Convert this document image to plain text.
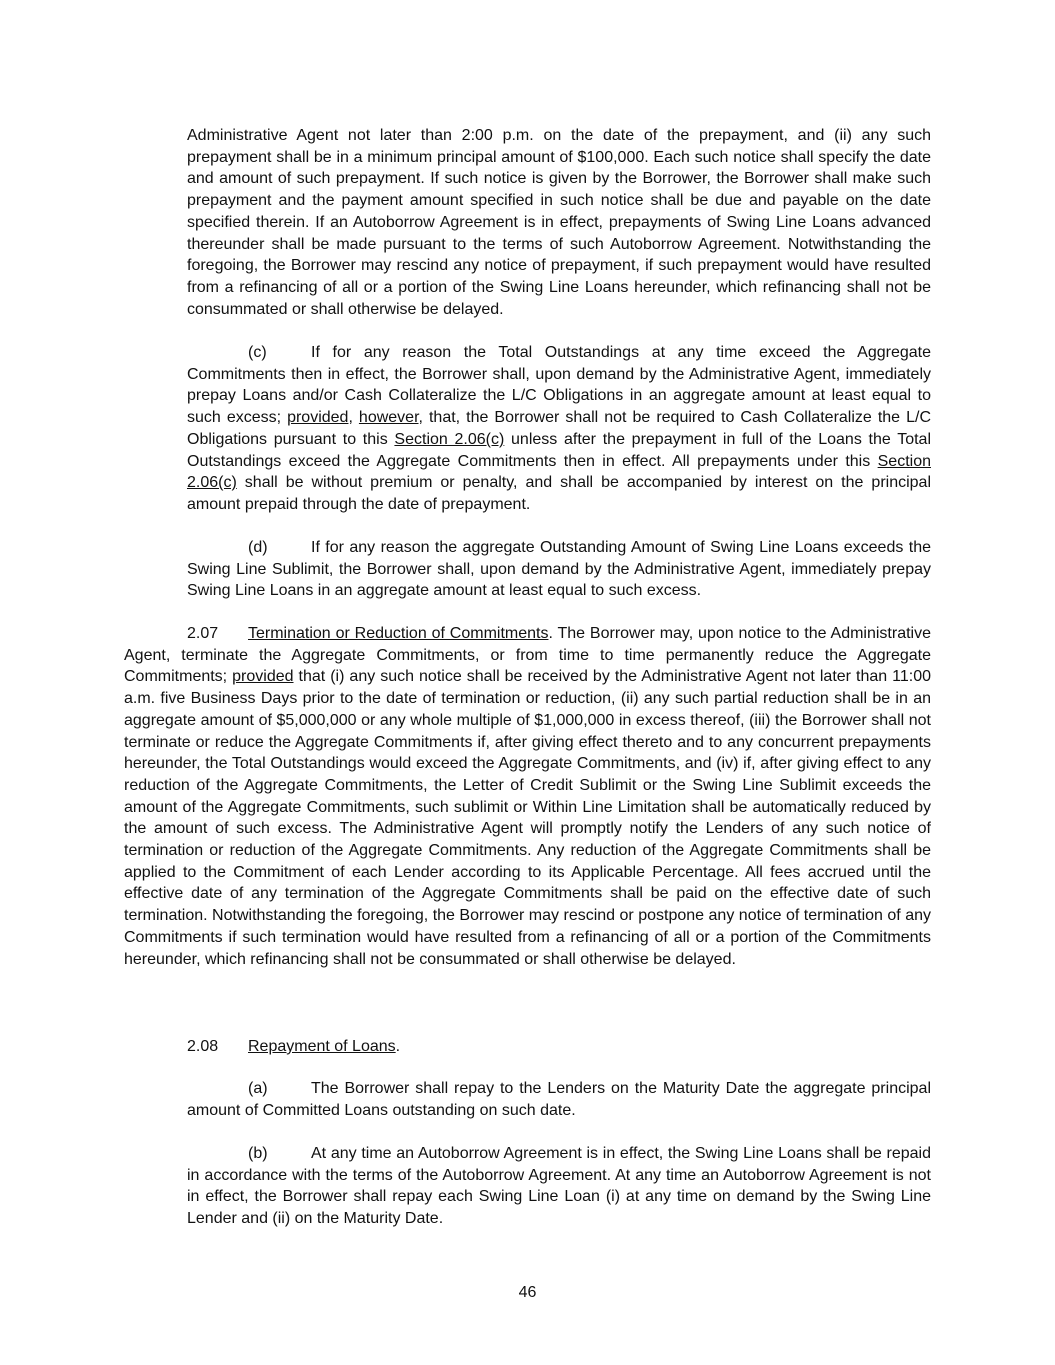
Administrative Agent not later than 2:00 p.m. on the date of the prepayment, and (ii) any such prepayment shall be in a minimum principal amount of $100,000. Each such notice shall specify the date and amount of such prepayment. If such notice is given by the Borrower, the Borrower shall make such prepayment and the payment amount specified in such notice shall be due and payable on the date specified therein. If an Autoborrow Agreement is in effect, prepayments of Swing Line Loans advanced thereunder shall be made pursuant to the terms of such Autoborrow Agreement. Notwithstanding the foregoing, the Borrower may rescind any notice of prepayment, if such prepayment would have resulted from a refinancing of all or a portion of the Swing Line Loans hereunder, which refinancing shall not be consummated or shall otherwise be delayed.

(c)	If for any reason the Total Outstandings at any time exceed the Aggregate Commitments then in effect, the Borrower shall, upon demand by the Administrative Agent, immediately prepay Loans and/or Cash Collateralize the L/C Obligations in an aggregate amount at least equal to such excess; provided, however, that, the Borrower shall not be required to Cash Collateralize the L/C Obligations pursuant to this Section 2.06(c) unless after the prepayment in full of the Loans the Total Outstandings exceed the Aggregate Commitments then in effect. All prepayments under this Section 2.06(c) shall be without premium or penalty, and shall be accompanied by interest on the principal amount prepaid through the date of prepayment.

(d)	If for any reason the aggregate Outstanding Amount of Swing Line Loans exceeds the Swing Line Sublimit, the Borrower shall, upon demand by the Administrative Agent, immediately prepay Swing Line Loans in an aggregate amount at least equal to such excess.

2.07 Termination or Reduction of Commitments. The Borrower may, upon notice to the Administrative Agent, terminate the Aggregate Commitments, or from time to time permanently reduce the Aggregate Commitments; provided that (i) any such notice shall be received by the Administrative Agent not later than 11:00 a.m. five Business Days prior to the date of termination or reduction, (ii) any such partial reduction shall be in an aggregate amount of $5,000,000 or any whole multiple of $1,000,000 in excess thereof, (iii) the Borrower shall not terminate or reduce the Aggregate Commitments if, after giving effect thereto and to any concurrent prepayments hereunder, the Total Outstandings would exceed the Aggregate Commitments, and (iv) if, after giving effect to any reduction of the Aggregate Commitments, the Letter of Credit Sublimit or the Swing Line Sublimit exceeds the amount of the Aggregate Commitments, such sublimit or Within Line Limitation shall be automatically reduced by the amount of such excess. The Administrative Agent will promptly notify the Lenders of any such notice of termination or reduction of the Aggregate Commitments. Any reduction of the Aggregate Commitments shall be applied to the Commitment of each Lender according to its Applicable Percentage. All fees accrued until the effective date of any termination of the Aggregate Commitments shall be paid on the effective date of such termination. Notwithstanding the foregoing, the Borrower may rescind or postpone any notice of termination of any Commitments if such termination would have resulted from a refinancing of all or a portion of the Commitments hereunder, which refinancing shall not be consummated or shall otherwise be delayed.

2.08 Repayment of Loans.

(a)	The Borrower shall repay to the Lenders on the Maturity Date the aggregate principal amount of Committed Loans outstanding on such date.

(b)	At any time an Autoborrow Agreement is in effect, the Swing Line Loans shall be repaid in accordance with the terms of the Autoborrow Agreement. At any time an Autoborrow Agreement is not in effect, the Borrower shall repay each Swing Line Loan (i) at any time on demand by the Swing Line Lender and (ii) on the Maturity Date.

46
